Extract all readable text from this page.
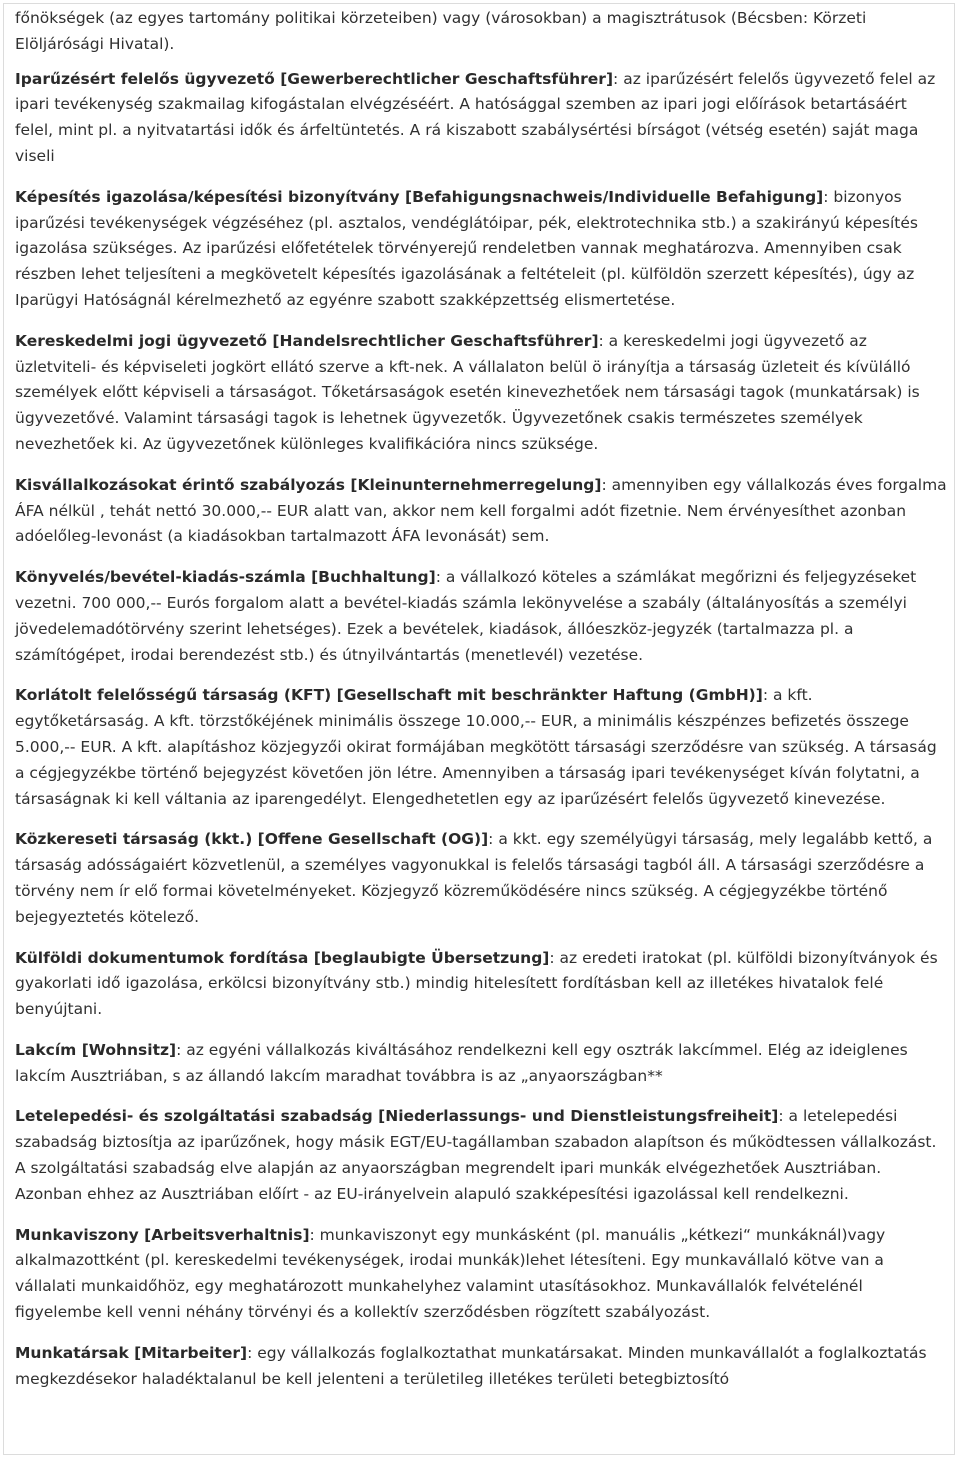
főnökségek (az egyes tartomány politikai körzeteiben) vagy (városokban) a magisztrátusok (Bécsben: Körzeti Elöljárósági Hivatal).

Iparűzésért felelős ügyvezető [Gewerberechtlicher Geschaftsführer]: az iparűzésért felelős ügyvezető felel az ipari tevékenység szakmailag kifogástalan elvégzéséért. A hatósággal szemben az ipari jogi előírások betartásáért felel, mint pl. a nyitvatartási idők és árfeltüntetés. A rá kiszabott szabálysértési bírságot (vétség esetén) saját maga viseli

Képesítés igazolása/képesítési bizonyítvány [Befahigungsnachweis/Individuelle Befahigung]: bizonyos iparűzési tevékenységek végzéséhez (pl. asztalos, vendéglátóipar, pék, elektrotechnika stb.) a szakirányú képesítés igazolása szükséges. Az iparűzési előfetételek törvényerejű rendeletben vannak meghatározva. Amennyiben csak részben lehet teljesíteni a megkövetelt képesítés igazolásának a feltételeit (pl. külföldön szerzett képesítés), úgy az Iparügyi Hatóságnál kérelmezhető az egyénre szabott szakképzettség elismertetése.

Kereskedelmi jogi ügyvezető [Handelsrechtlicher Geschaftsführer]: a kereskedelmi jogi ügyvezető az üzletviteli- és képviseleti jogkört ellátó szerve a kft-nek. A vállalaton belül ö irányítja a társaság üzleteit és kívülálló személyek előtt képviseli a társaságot. Tőketársaságok esetén kinevezhetőek nem társasági tagok (munkatársak) is ügyvezetővé. Valamint társasági tagok is lehetnek ügyvezetők. Ügyvezetőnek csakis természetes személyek nevezhetőek ki. Az ügyvezetőnek különleges kvalifikációra nincs szüksége.

Kisvállalkozásokat érintő szabályozás [Kleinunternehmerregelung]: amennyiben egy vállalkozás éves forgalma ÁFA nélkül , tehát nettó 30.000,-- EUR alatt van, akkor nem kell forgalmi adót fizetnie. Nem érvényesíthet azonban adóelőleg-levonást (a kiadásokban tartalmazott ÁFA levonását) sem.

Könyvelés/bevétel-kiadás-számla [Buchhaltung]: a vállalkozó köteles a számlákat megőrizni és feljegyzéseket vezetni. 700 000,-- Eurós forgalom alatt a bevétel-kiadás számla lekönyvelése a szabály (általányosítás a személyi jövedelemadótörvény szerint lehetséges). Ezek a bevételek, kiadások, állóeszköz-jegyzék (tartalmazza pl. a számítógépet, irodai berendezést stb.) és útnyilvántartás (menetlevél) vezetése.

Korlátolt felelősségű társaság (KFT) [Gesellschaft mit beschränkter Haftung (GmbH)]: a kft. egytőketársaság. A kft. törzstőkéjének minimális összege 10.000,-- EUR, a minimális készpénzes befizetés összege 5.000,-- EUR. A kft. alapításhoz közjegyzői okirat formájában megkötött társasági szerződésre van szükség. A társaság a cégjegyzékbe történő bejegyzést követően jön létre. Amennyiben a társaság ipari tevékenységet kíván folytatni, a társaságnak ki kell váltania az iparengedélyt. Elengedhetetlen egy az iparűzésért felelős ügyvezető kinevezése.

Közkereseti társaság (kkt.) [Offene Gesellschaft (OG)]: a kkt. egy személyügyi társaság, mely legalább kettő, a társaság adósságaiért közvetlenül, a személyes vagyonukkal is felelős társasági tagból áll. A társasági szerződésre a törvény nem ír elő formai követelményeket. Közjegyző közreműködésére nincs szükség. A cégjegyzékbe történő bejegyeztetés kötelező.

Külföldi dokumentumok fordítása [beglaubigte Übersetzung]: az eredeti iratokat (pl. külföldi bizonyítványok és gyakorlati idő igazolása, erkölcsi bizonyítvány stb.) mindig hitelesített fordításban kell az illetékes hivatalok felé benyújtani.

Lakcím [Wohnsitz]: az egyéni vállalkozás kiváltásához rendelkezni kell egy osztrák lakcímmel. Elég az ideiglenes lakcím Ausztriában, s az állandó lakcím maradhat továbbra is az „anyaországban**

Letelepedési- és szolgáltatási szabadság [Niederlassungs- und Dienstleistungsfreiheit]: a letelepedési szabadság biztosítja az iparűzőnek, hogy másik EGT/EU-tagállamban szabadon alapítson és működtessen vállalkozást. A szolgáltatási szabadság elve alapján az anyaországban megrendelt ipari munkák elvégezhetőek Ausztriában. Azonban ehhez az Ausztriában előírt - az EU-irányelvein alapuló szakképesítési igazolással kell rendelkezni.

Munkaviszony [Arbeitsverhaltnis]: munkaviszonyt egy munkásként (pl. manuális „kétkezi“ munkáknál)vagy alkalmazottként (pl. kereskedelmi tevékenységek, irodai munkák)lehet létesíteni. Egy munkavállaló kötve van a vállalati munkaidőhöz, egy meghatározott munkahelyhez valamint utasításokhoz. Munkavállalók felvételénél figyelembe kell venni néhány törvényi és a kollektív szerződésben rögzített szabályozást.

Munkatársak [Mitarbeiter]: egy vállalkozás foglalkoztathat munkatársakat. Minden munkavállalót a foglalkoztatás megkezdésekor haladéktalanul be kell jelenteni a területileg illetékes területi betegbiztosító
